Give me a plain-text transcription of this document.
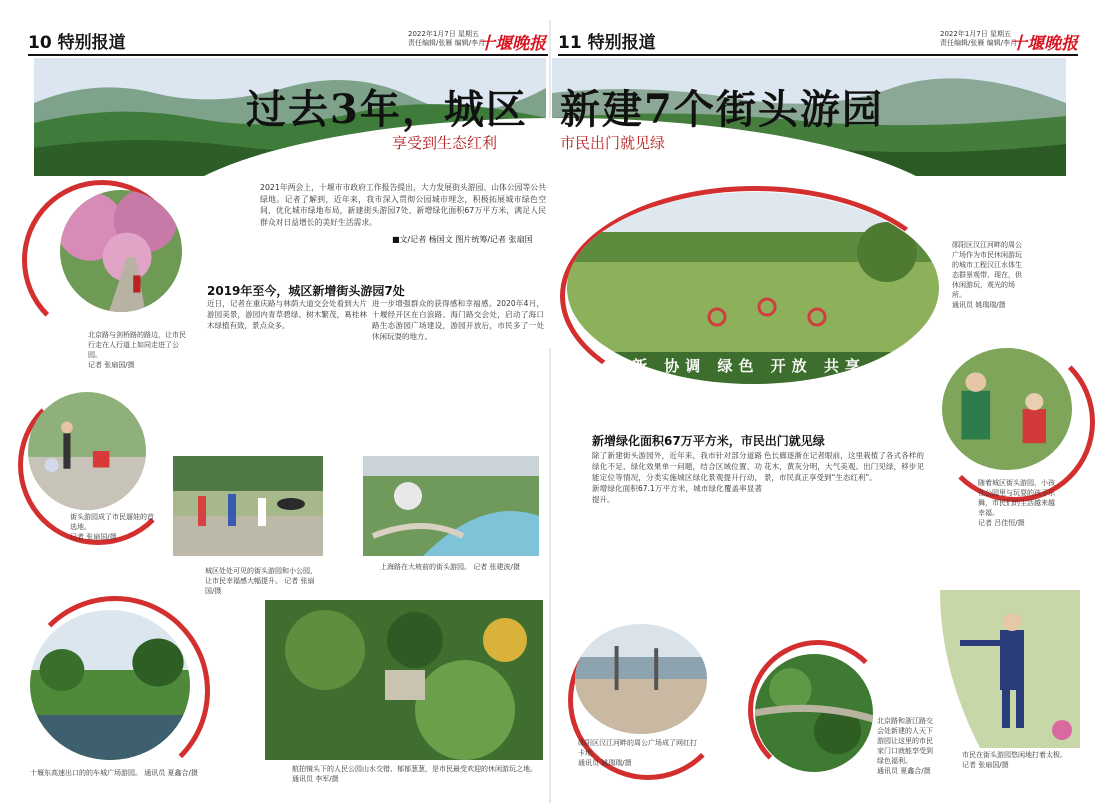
10 特别报道	2022年1月7日 星期五
责任编辑/张雁 编辑/李月
十堰晚报 11 特别报道	2022年1月7日 星期五
责任编辑/张雁 编辑/李月
十堰晚报
过去3年，城区 新建7个街头游园
享受到生态红利	市民出门就见绿
2021年两会上，十堰市市政府工作报告提出，大力发展街头游园、山体公园等公共绿地。记者了解到，近年来，我市深入贯彻公园城市理念，积极拓展城市绿色空间，优化城市绿地布局，新建街头游园7处、新增绿化面积67万平方米，满足人民群众对日益增长的美好生活需求。
■文/记者 杨国文 图片统筹/记者 张扇国
北京路与剑桥路的路边，让市民行走在人行道上如同走进了公园。
记者 张扇国/摄
2019年至今，城区新增街头游园7处
近日，记者在重庆路与林荫大道交会处看到大片游园美景，游园内青草碧绿、树木繁茂，葛桂林木绿植有致，景点众多。
进一步增强群众的获得感和幸福感。2020年4月，十堰经开区在白浪路、海门路交会处，启动了海口路生态游园广场建设，游园开放后，市民多了一处休闲玩耍的地方。
街头游园成了市民遛娃的首选地。
记者 张扇国/摄
城区处处可见的街头游园和小公园，让市民幸福感大幅提升。 记者 张扇国/摄
上海路在大坡前的街头游园。 记者 张建波/摄
十堰东高速出口的的车城广场游园。 通讯员 夏鑫合/摄	航拍镜头下的人民公园山水交错、郁郁葱葱，是市民最受欢迎的休闲游玩之地。
通讯员 李军/摄
新 协调 绿色 开放 共享
郧阳区汉江河畔的周公广场作为市民休闲游玩的城市工程汉江水体生态群景观带、现在，供休闲游玩，观光的场所。
通讯员 姚瑞瑞/摄
随着城区街头游园，小孩在公园里与玩耍的孩子乐舞，市民们的生活越来越幸福。
记者 吕佳恒/摄
新增绿化面积67万平方米，市民出门就见绿
除了新建街头游园外，近年来，我市针对部分道路绿化不足、绿化效果单一问题，结合区域位置、功能定位等情况，分类实施城区绿化景观提升行动，新增绿化面积67.1万平方米，城市绿化覆盖率显著提升。
色长廊逐渐在记者眼前，这里栽植了各式各样的花木，黄灰分明，大气美观。出门见绿，移步见景，市民真正享受到“生态红利”。
郧阳区汉江河畔的周公广场成了网红打卡地。
通讯员 姚瑞瑞/摄
北京路和浙江路交会处新建的人天下游园让这里的市民家门口就能享受到绿色福利。
通讯员 夏鑫合/摄
市民在街头游园悠闲地打着太极。
记者 张扇国/摄
